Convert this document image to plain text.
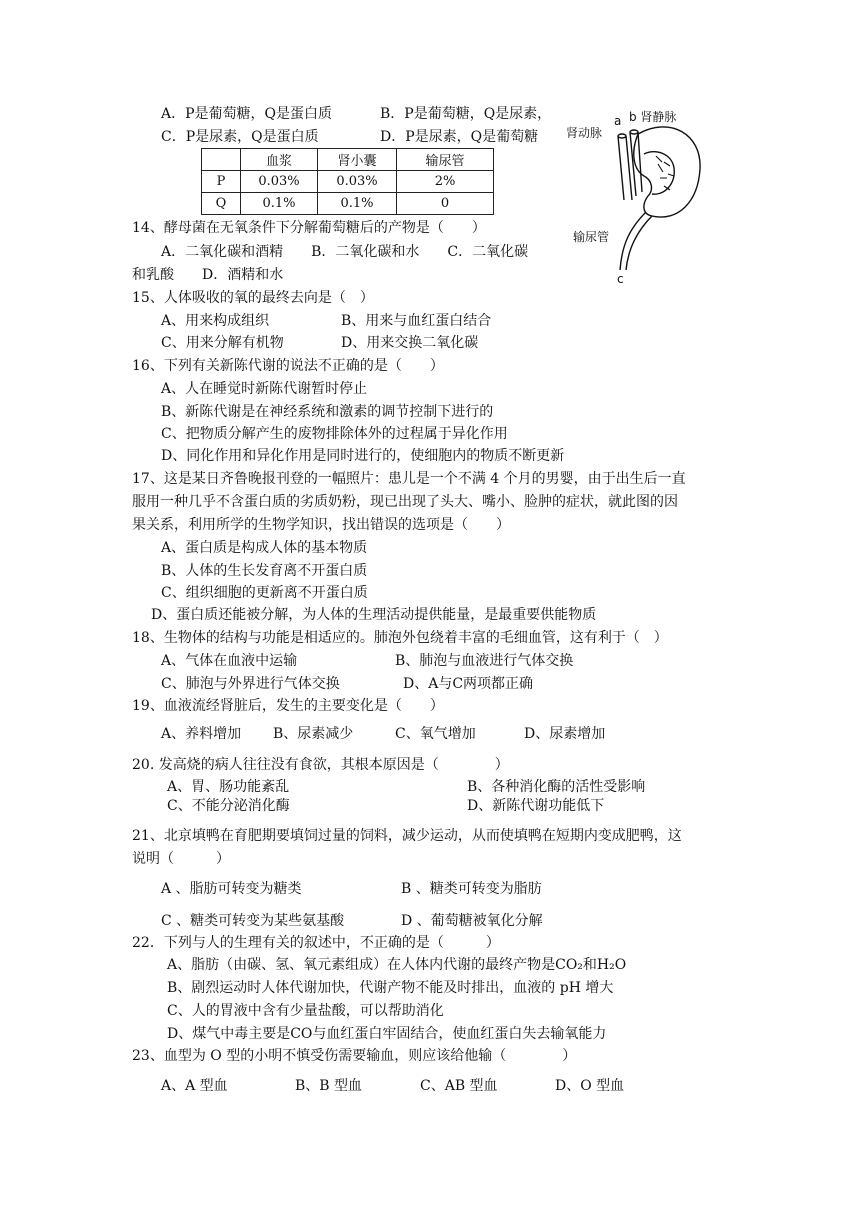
A．P是葡萄糖，Q是蛋白质	B．P是葡萄糖，Q是尿素，
C．P是尿素，Q是蛋白质	D．P是尿素，Q是葡萄糖
	血浆	肾小囊	输尿管
P	0.03%	0.03%	2%
Q	0.1%	0.1%	0
肾动脉
a b 肾静脉
输尿管
c
14、酵母菌在无氧条件下分解葡萄糖后的产物是（　　）
A．二氧化碳和酒精　　B．二氧化碳和水　　C．二氧化碳
和乳酸　　D．酒精和水
15、人体吸收的氧的最终去向是（　）
A、用来构成组织	B、用来与血红蛋白结合
C、用来分解有机物	D、用来交换二氧化碳
16、下列有关新陈代谢的说法不正确的是（　　）
A、人在睡觉时新陈代谢暂时停止
B、新陈代谢是在神经系统和激素的调节控制下进行的
C、把物质分解产生的废物排除体外的过程属于异化作用
D、同化作用和异化作用是同时进行的，使细胞内的物质不断更新
17、这是某日齐鲁晚报刊登的一幅照片：患儿是一个不满 4 个月的男婴，由于出生后一直
服用一种几乎不含蛋白质的劣质奶粉，现已出现了头大、嘴小、脸肿的症状，就此图的因
果关系，利用所学的生物学知识，找出错误的选项是（　　）
A、蛋白质是构成人体的基本物质
B、人体的生长发育离不开蛋白质
C、组织细胞的更新离不开蛋白质
D、蛋白质还能被分解，为人体的生理活动提供能量，是最重要供能物质
18、生物体的结构与功能是相适应的。肺泡外包绕着丰富的毛细血管，这有利于（　）
A、气体在血液中运输	B、肺泡与血液进行气体交换
C、肺泡与外界进行气体交换	D、A与C两项都正确
19、血液流经肾脏后，发生的主要变化是（　　）
A、养料增加 B、尿素减少	C、氧气增加	D、尿素增加
20. 发高烧的病人往往没有食欲，其根本原因是（　　　　）
A、胃、肠功能紊乱	B、各种消化酶的活性受影响
C、不能分泌消化酶	D、新陈代谢功能低下
21、北京填鸭在育肥期要填饲过量的饲料，减少运动，从而使填鸭在短期内变成肥鸭，这
说明（　　　）
A 、脂肪可转变为糖类	B 、糖类可转变为脂肪
C 、糖类可转变为某些氨基酸	D 、葡萄糖被氧化分解
22．下列与人的生理有关的叙述中，不正确的是（　　　）
A、脂肪（由碳、氢、氧元素组成）在人体内代谢的最终产物是CO₂和H₂O
B、剧烈运动时人体代谢加快，代谢产物不能及时排出，血液的 pH 增大
C、人的胃液中含有少量盐酸，可以帮助消化
D、煤气中毒主要是CO与血红蛋白牢固结合，使血红蛋白失去输氧能力
23、血型为 O 型的小明不慎受伤需要输血，则应该给他输（　　　　）
A、A 型血	B、B 型血	C、AB 型血	D、O 型血
